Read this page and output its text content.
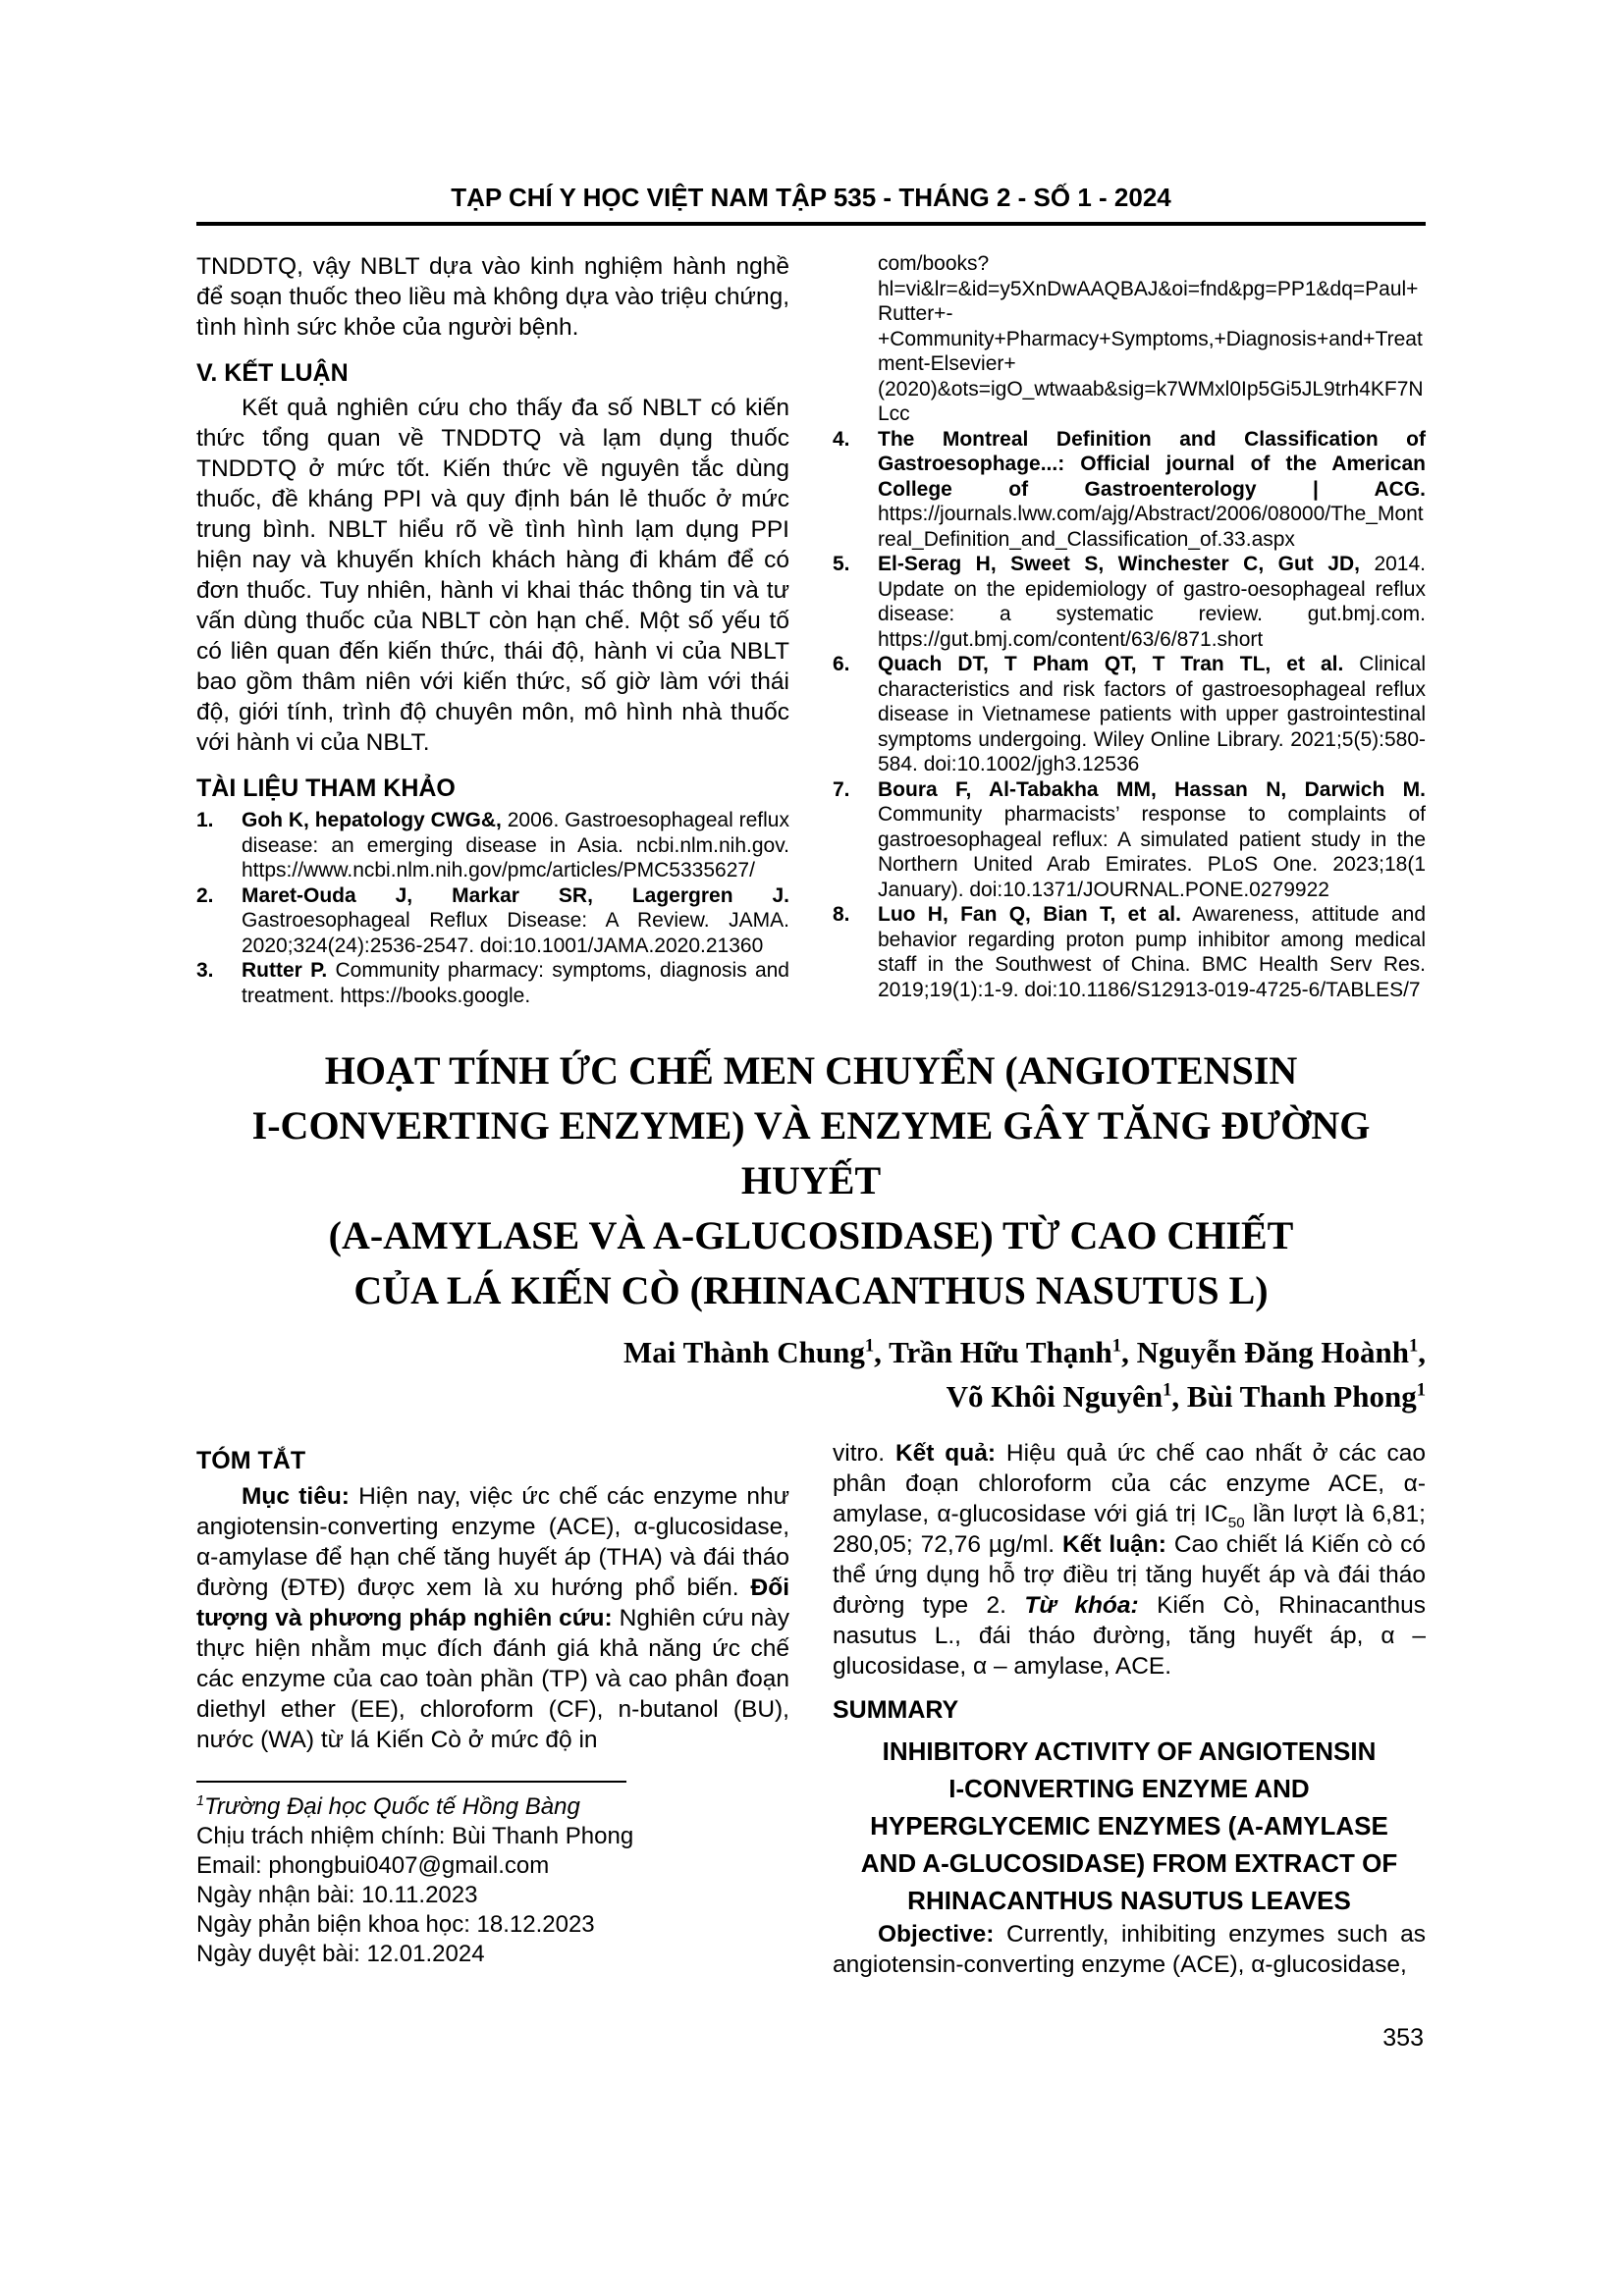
TẠP CHÍ Y HỌC VIỆT NAM TẬP 535 - THÁNG 2 - SỐ 1 - 2024

TNDDTQ, vậy NBLT dựa vào kinh nghiệm hành nghề để soạn thuốc theo liều mà không dựa vào triệu chứng, tình hình sức khỏe của người bệnh.

V. KẾT LUẬN

Kết quả nghiên cứu cho thấy đa số NBLT có kiến thức tổng quan về TNDDTQ và lạm dụng thuốc TNDDTQ ở mức tốt. Kiến thức về nguyên tắc dùng thuốc, đề kháng PPI và quy định bán lẻ thuốc ở mức trung bình. NBLT hiểu rõ về tình hình lạm dụng PPI hiện nay và khuyến khích khách hàng đi khám để có đơn thuốc. Tuy nhiên, hành vi khai thác thông tin và tư vấn dùng thuốc của NBLT còn hạn chế. Một số yếu tố có liên quan đến kiến thức, thái độ, hành vi của NBLT bao gồm thâm niên với kiến thức, số giờ làm với thái độ, giới tính, trình độ chuyên môn, mô hình nhà thuốc với hành vi của NBLT.

TÀI LIỆU THAM KHẢO
1.	Goh K, hepatology CWG&, 2006. Gastroesophageal reflux disease: an emerging disease in Asia. ncbi.nlm.nih.gov. https://www.ncbi.nlm.nih.gov/pmc/articles/PMC5335627/
2.	Maret-Ouda J, Markar SR, Lagergren J. Gastroesophageal Reflux Disease: A Review. JAMA. 2020;324(24):2536-2547. doi:10.1001/JAMA.2020.21360
3.	Rutter P. Community pharmacy: symptoms, diagnosis and treatment. https://books.google.
com/books?hl=vi&lr=&id=y5XnDwAAQBAJ&oi=fnd&pg=PP1&dq=Paul+Rutter+-+Community+Pharmacy+Symptoms,+Diagnosis+and+Treatment-Elsevier+(2020)&ots=igO_wtwaab&sig=k7WMxl0Ip5Gi5JL9trh4KF7NLcc
4.	The Montreal Definition and Classification of Gastroesophage...: Official journal of the American College of Gastroenterology | ACG. https://journals.lww.com/ajg/Abstract/2006/08000/The_Montreal_Definition_and_Classification_of.33.aspx
5.	El-Serag H, Sweet S, Winchester C, Gut JD, 2014. Update on the epidemiology of gastro-oesophageal reflux disease: a systematic review. gut.bmj.com. https://gut.bmj.com/content/63/6/871.short
6.	Quach DT, T Pham QT, T Tran TL, et al. Clinical characteristics and risk factors of gastroesophageal reflux disease in Vietnamese patients with upper gastrointestinal symptoms undergoing. Wiley Online Library. 2021;5(5):580-584. doi:10.1002/jgh3.12536
7.	Boura F, Al-Tabakha MM, Hassan N, Darwich M. Community pharmacists’ response to complaints of gastroesophageal reflux: A simulated patient study in the Northern United Arab Emirates. PLoS One. 2023;18(1 January). doi:10.1371/JOURNAL.PONE.0279922
8.	Luo H, Fan Q, Bian T, et al. Awareness, attitude and behavior regarding proton pump inhibitor among medical staff in the Southwest of China. BMC Health Serv Res. 2019;19(1):1-9. doi:10.1186/S12913-019-4725-6/TABLES/7
HOẠT TÍNH ỨC CHẾ MEN CHUYỂN (ANGIOTENSIN
I-CONVERTING ENZYME) VÀ ENZYME GÂY TĂNG ĐƯỜNG HUYẾT
(A-AMYLASE VÀ A-GLUCOSIDASE) TỪ CAO CHIẾT
CỦA LÁ KIẾN CÒ (RHINACANTHUS NASUTUS L)
Mai Thành Chung$^1$, Trần Hữu Thạnh$^1$, Nguyễn Đăng Hoành$^1$,
Võ Khôi Nguyên$^1$, Bùi Thanh Phong$^1$
TÓM TẮT

Mục tiêu: Hiện nay, việc ức chế các enzyme như angiotensin-converting enzyme (ACE), α-glucosidase, α-amylase để hạn chế tăng huyết áp (THA) và đái tháo đường (ĐTĐ) được xem là xu hướng phổ biến. Đối tượng và phương pháp nghiên cứu: Nghiên cứu này thực hiện nhằm mục đích đánh giá khả năng ức chế các enzyme của cao toàn phần (TP) và cao phân đoạn diethyl ether (EE), chloroform (CF), n-butanol (BU), nước (WA) từ lá Kiến Cò ở mức độ in

$^1$Trường Đại học Quốc tế Hồng Bàng

Chịu trách nhiệm chính: Bùi Thanh Phong

Email: phongbui0407@gmail.com

Ngày nhận bài: 10.11.2023

Ngày phản biện khoa học: 18.12.2023

Ngày duyệt bài: 12.01.2024

vitro. Kết quả: Hiệu quả ức chế cao nhất ở các cao phân đoạn chloroform của các enzyme ACE, α-amylase, α-glucosidase với giá trị $IC_{50}$ lần lượt là 6,81; 280,05; 72,76 µg/ml. Kết luận: Cao chiết lá Kiến cò có thể ứng dụng hỗ trợ điều trị tăng huyết áp và đái tháo đường type 2. Từ khóa: Kiến Cò, Rhinacanthus nasutus L., đái tháo đường, tăng huyết áp, α – glucosidase, α – amylase, ACE.

SUMMARY
INHIBITORY ACTIVITY OF ANGIOTENSIN
I-CONVERTING ENZYME AND
HYPERGLYCEMIC ENZYMES (A-AMYLASE
AND A-GLUCOSIDASE) FROM EXTRACT OF
RHINACANTHUS NASUTUS LEAVES

Objective: Currently, inhibiting enzymes such as angiotensin-converting enzyme (ACE), α-glucosidase,

353
